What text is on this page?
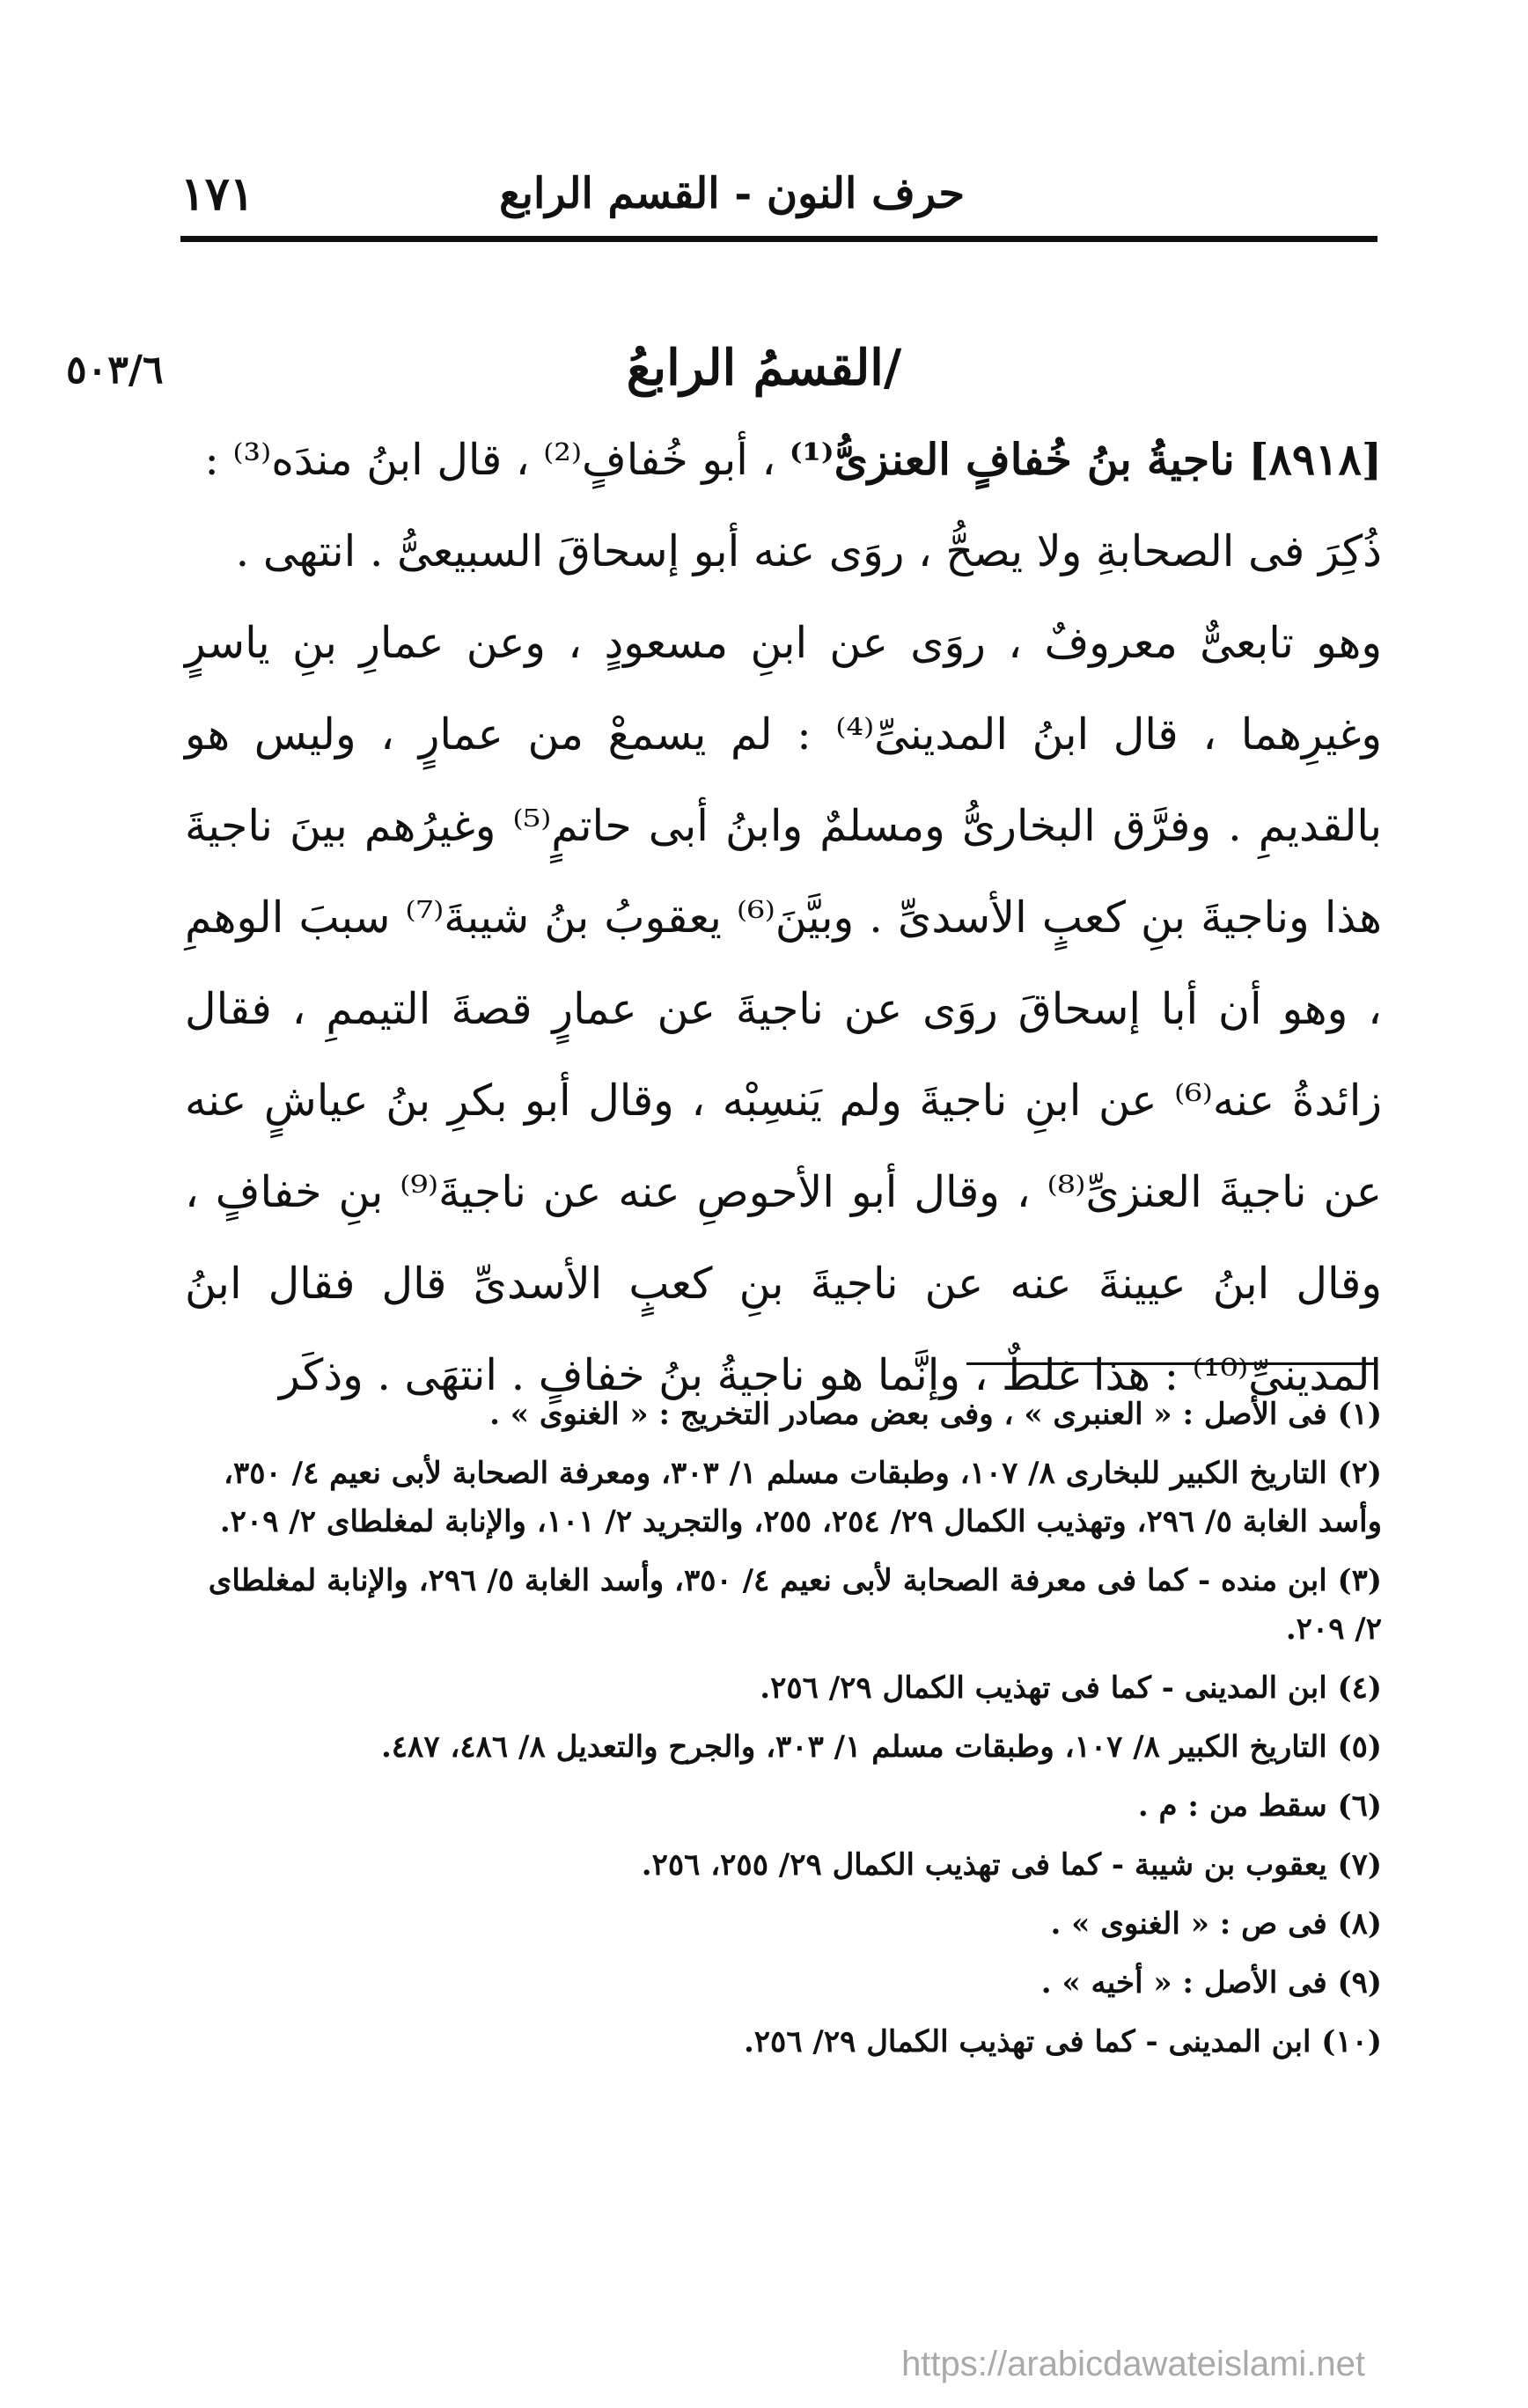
١٧١	حرف النون - القسم الرابع
٥٠٣/٦	/القسمُ الرابعُ

[٨٩١٨] ناجيةُ بنُ خُفافٍ العنزىُّ⁽¹⁾ ، أبو خُفافٍ⁽²⁾ ، قال ابنُ مندَه⁽³⁾ :

ذُكِرَ فى الصحابةِ ولا يصحُّ ، روَى عنه أبو إسحاقَ السبيعىُّ . انتهى .

وهو تابعىٌّ معروفٌ ، روَى عن ابنِ مسعودٍ ، وعن عمارِ بنِ ياسرٍ وغيرِهما ، قال ابنُ المدينىِّ⁽⁴⁾ : لم يسمعْ من عمارٍ ، وليس هو بالقديمِ . وفرَّق البخارىُّ ومسلمٌ وابنُ أبى حاتمٍ⁽⁵⁾ وغيرُهم بينَ ناجيةَ هذا وناجيةَ بنِ كعبٍ الأسدىِّ . وبيَّنَ⁽⁶⁾ يعقوبُ بنُ شيبةَ⁽⁷⁾ سببَ الوهمِ ، وهو أن أبا إسحاقَ روَى عن ناجيةَ عن عمارٍ قصةَ التيممِ ، فقال زائدةُ عنه⁽⁶⁾ عن ابنِ ناجيةَ ولم يَنسِبْه ، وقال أبو بكرِ بنُ عياشٍ عنه عن ناجيةَ العنزىِّ⁽⁸⁾ ، وقال أبو الأحوصِ عنه عن ناجيةَ⁽⁹⁾ بنِ خفافٍ ، وقال ابنُ عيينةَ عنه عن ناجيةَ بنِ كعبٍ الأسدىِّ قال فقال ابنُ المدينىِّ⁽¹⁰⁾ : هذا غلطٌ ، وإنَّما هو ناجيةُ بنُ خفافٍ . انتهَى . وذكَر

(١) فى الأصل : « العنبرى » ، وفى بعض مصادر التخريج : « الغنوى » .

(٢) التاريخ الكبير للبخارى ٨/ ١٠٧، وطبقات مسلم ١/ ٣٠٣، ومعرفة الصحابة لأبى نعيم ٤/ ٣٥٠، وأسد الغابة ٥/ ٢٩٦، وتهذيب الكمال ٢٩/ ٢٥٤، ٢٥٥، والتجريد ٢/ ١٠١، والإنابة لمغلطاى ٢/ ٢٠٩.

(٣) ابن منده - كما فى معرفة الصحابة لأبى نعيم ٤/ ٣٥٠، وأسد الغابة ٥/ ٢٩٦، والإنابة لمغلطاى ٢/ ٢٠٩.

(٤) ابن المدينى - كما فى تهذيب الكمال ٢٩/ ٢٥٦.

(٥) التاريخ الكبير ٨/ ١٠٧، وطبقات مسلم ١/ ٣٠٣، والجرح والتعديل ٨/ ٤٨٦، ٤٨٧.

(٦) سقط من : م .

(٧) يعقوب بن شيبة - كما فى تهذيب الكمال ٢٩/ ٢٥٥، ٢٥٦.

(٨) فى ص : « الغنوى » .

(٩) فى الأصل : « أخيه » .

(١٠) ابن المدينى - كما فى تهذيب الكمال ٢٩/ ٢٥٦.

https://arabicdawateislami.net
